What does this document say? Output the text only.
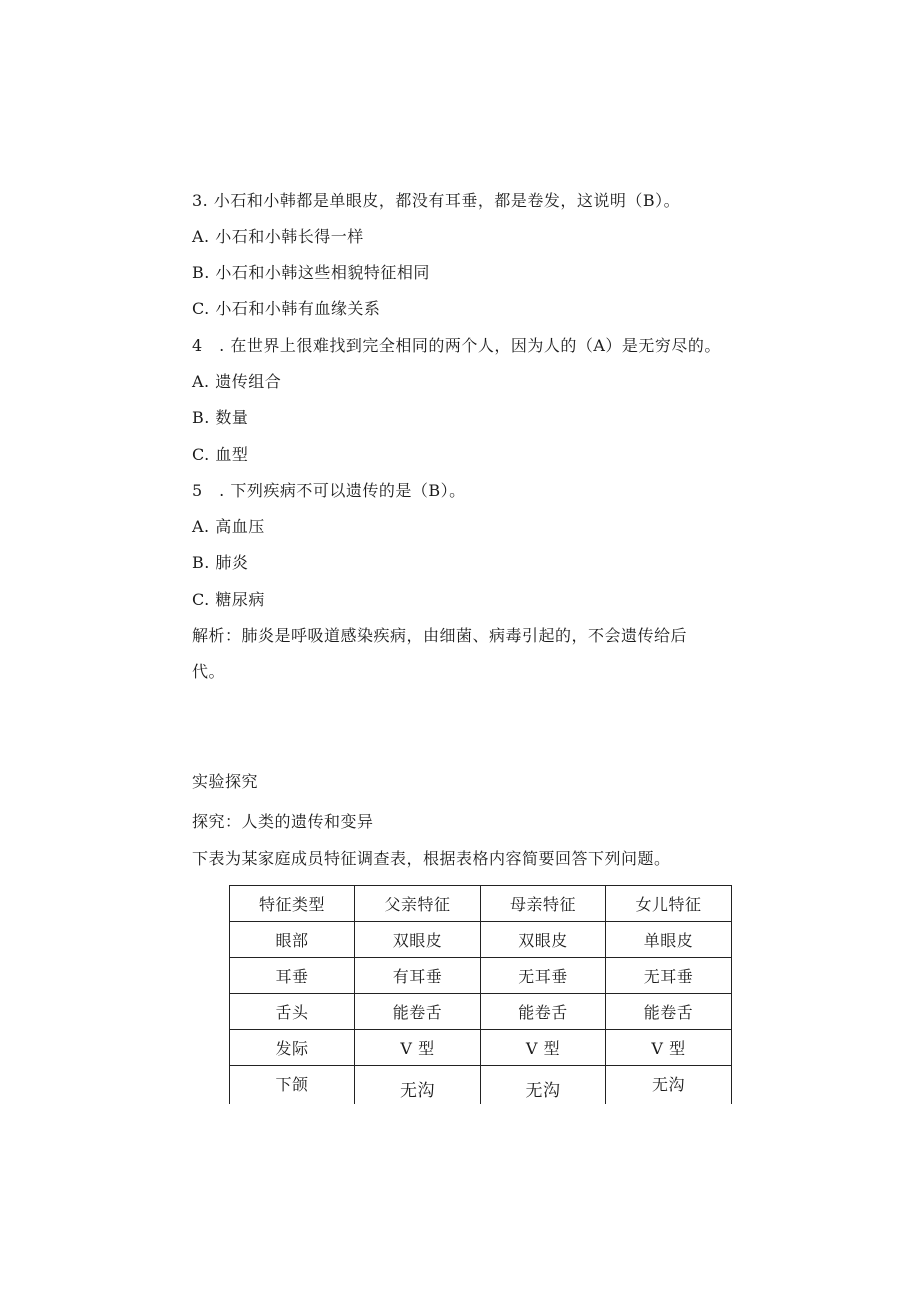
3. 小石和小韩都是单眼皮，都没有耳垂，都是卷发，这说明（B）。
A. 小石和小韩长得一样
B. 小石和小韩这些相貌特征相同
C. 小石和小韩有血缘关系
4　. 在世界上很难找到完全相同的两个人，因为人的（A）是无穷尽的。
A. 遗传组合
B. 数量
C. 血型
5　. 下列疾病不可以遗传的是（B）。
A. 高血压
B. 肺炎
C. 糖尿病
解析：肺炎是呼吸道感染疾病，由细菌、病毒引起的，不会遗传给后
代。
实验探究
探究：人类的遗传和变异
下表为某家庭成员特征调查表，根据表格内容简要回答下列问题。
特征类型	父亲特征	母亲特征	女儿特征
眼部	双眼皮	双眼皮	单眼皮
耳垂	有耳垂	无耳垂	无耳垂
舌头	能卷舌	能卷舌	能卷舌
发际	V 型	V 型	V 型
下颌	无沟	无沟	无沟
